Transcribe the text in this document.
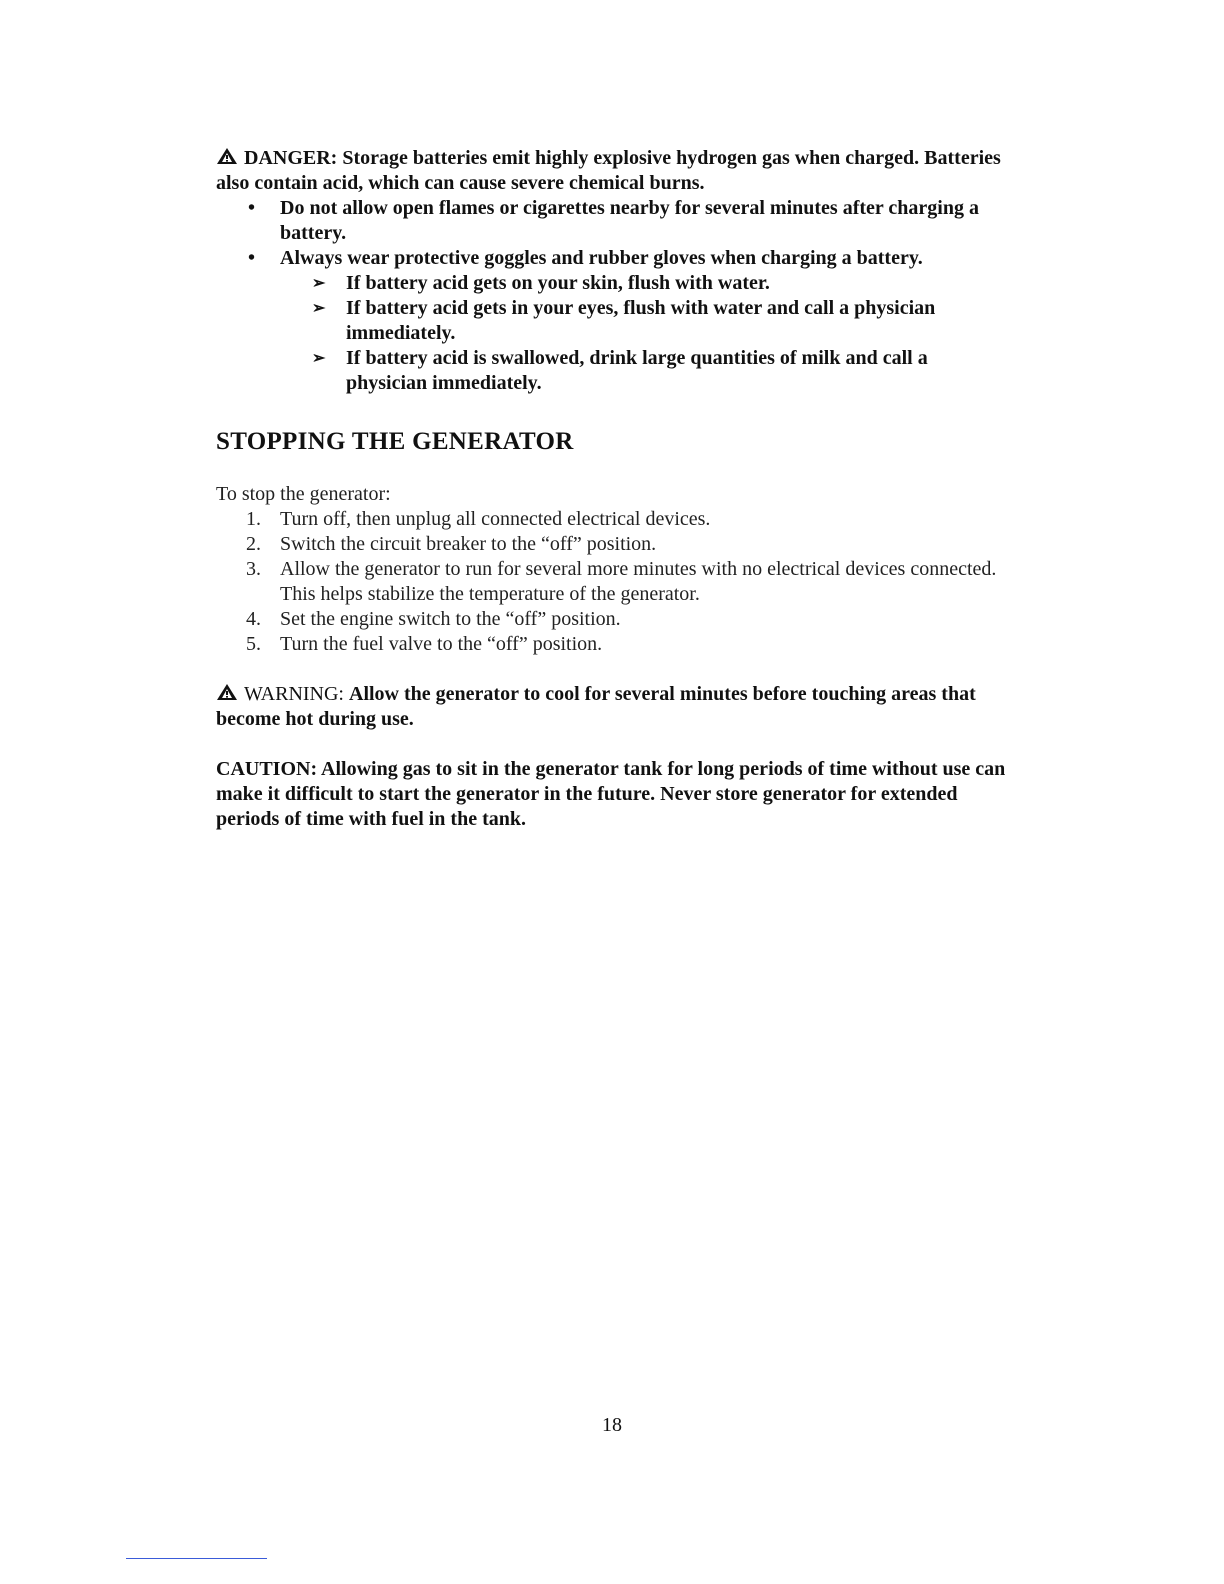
DANGER: Storage batteries emit highly explosive hydrogen gas when charged. Batteries also contain acid, which can cause severe chemical burns.
• Do not allow open flames or cigarettes nearby for several minutes after charging a battery.
• Always wear protective goggles and rubber gloves when charging a battery.
➢ If battery acid gets on your skin, flush with water.
➢ If battery acid gets in your eyes, flush with water and call a physician immediately.
➢ If battery acid is swallowed, drink large quantities of milk and call a physician immediately.
STOPPING THE GENERATOR
To stop the generator:
1. Turn off, then unplug all connected electrical devices.
2. Switch the circuit breaker to the “off” position.
3. Allow the generator to run for several more minutes with no electrical devices connected. This helps stabilize the temperature of the generator.
4. Set the engine switch to the “off” position.
5. Turn the fuel valve to the “off” position.
WARNING: Allow the generator to cool for several minutes before touching areas that become hot during use.
CAUTION: Allowing gas to sit in the generator tank for long periods of time without use can make it difficult to start the generator in the future. Never store generator for extended periods of time with fuel in the tank.
18
